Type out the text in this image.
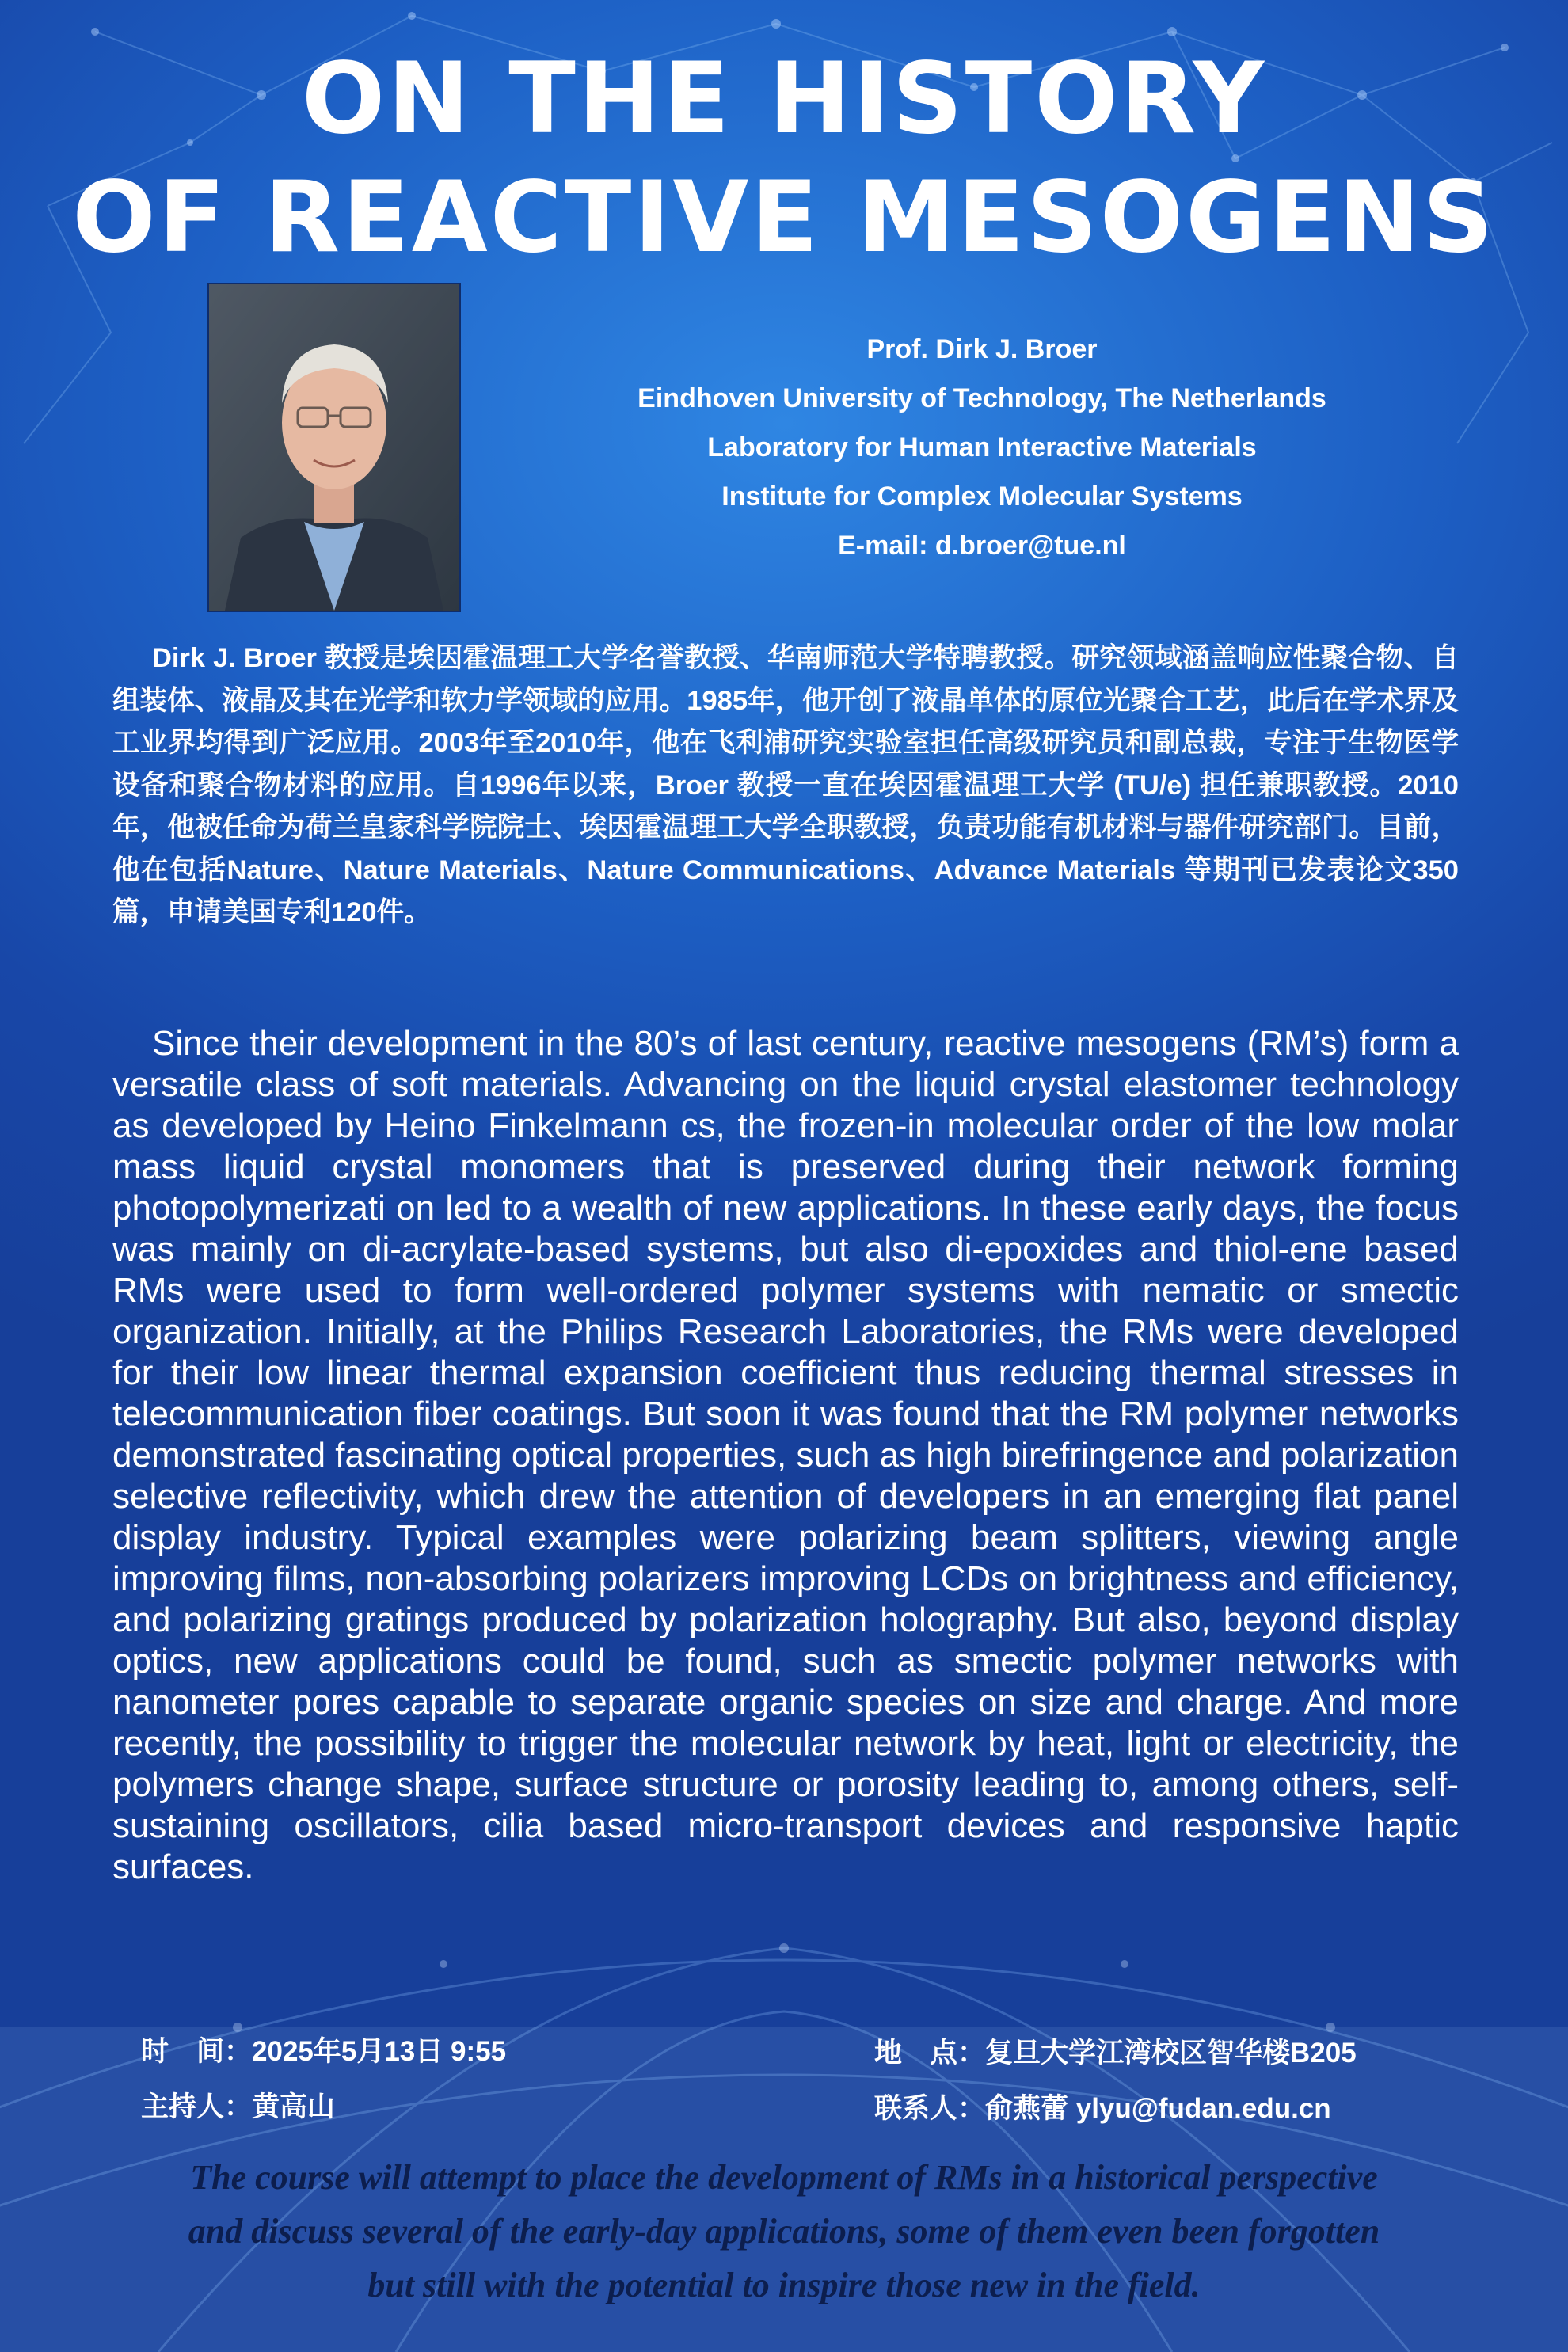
ON THE HISTORY
OF REACTIVE MESOGENS
Prof. Dirk J. Broer
Eindhoven University of Technology, The Netherlands
Laboratory for Human Interactive Materials
Institute for Complex Molecular Systems
E-mail: d.broer@tue.nl
Dirk J. Broer 教授是埃因霍温理工大学名誉教授、华南师范大学特聘教授。研究领域涵盖响应性聚合物、自组装体、液晶及其在光学和软力学领域的应用。1985年，他开创了液晶单体的原位光聚合工艺，此后在学术界及工业界均得到广泛应用。2003年至2010年，他在飞利浦研究实验室担任高级研究员和副总裁，专注于生物医学设备和聚合物材料的应用。自1996年以来，Broer 教授一直在埃因霍温理工大学 (TU/e) 担任兼职教授。2010年，他被任命为荷兰皇家科学院院士、埃因霍温理工大学全职教授，负责功能有机材料与器件研究部门。目前，他在包括Nature、Nature Materials、Nature Communications、Advance Materials 等期刊已发表论文350篇，申请美国专利120件。
Since their development in the 80’s of last century, reactive mesogens (RM’s) form a versatile class of soft materials. Advancing on the liquid crystal elastomer technology as developed by Heino Finkelmann cs, the frozen-in molecular order of the low molar mass liquid crystal monomers that is preserved during their network forming photopolymerizati on led to a wealth of new applications. In these early days, the focus was mainly on di-acrylate-based systems, but also di-epoxides and thiol-ene based RMs were used to form well-ordered polymer systems with nematic or smectic organization. Initially, at the Philips Research Laboratories, the RMs were developed for their low linear thermal expansion coefficient thus reducing thermal stresses in telecommunication fiber coatings. But soon it was found that the RM polymer networks demonstrated fascinating optical properties, such as high birefringence and polarization selective reflectivity, which drew the attention of developers in an emerging flat panel display industry. Typical examples were polarizing beam splitters, viewing angle improving films, non-absorbing polarizers improving LCDs on brightness and efficiency, and polarizing gratings produced by polarization holography. But also, beyond display optics, new applications could be found, such as smectic polymer networks with nanometer pores capable to separate organic species on size and charge. And more recently, the possibility to trigger the molecular network by heat, light or electricity, the polymers change shape, surface structure or porosity leading to, among others, self-sustaining oscillators, cilia based micro-transport devices and responsive haptic surfaces.
时　间：2025年5月13日 9:55
主持人：黄高山
地　点：复旦大学江湾校区智华楼B205
联系人：俞燕蕾 ylyu@fudan.edu.cn
The course will attempt to place the development of RMs in a historical perspective
and discuss several of the early-day applications, some of them even been forgotten
but still with the potential to inspire those new in the field.
